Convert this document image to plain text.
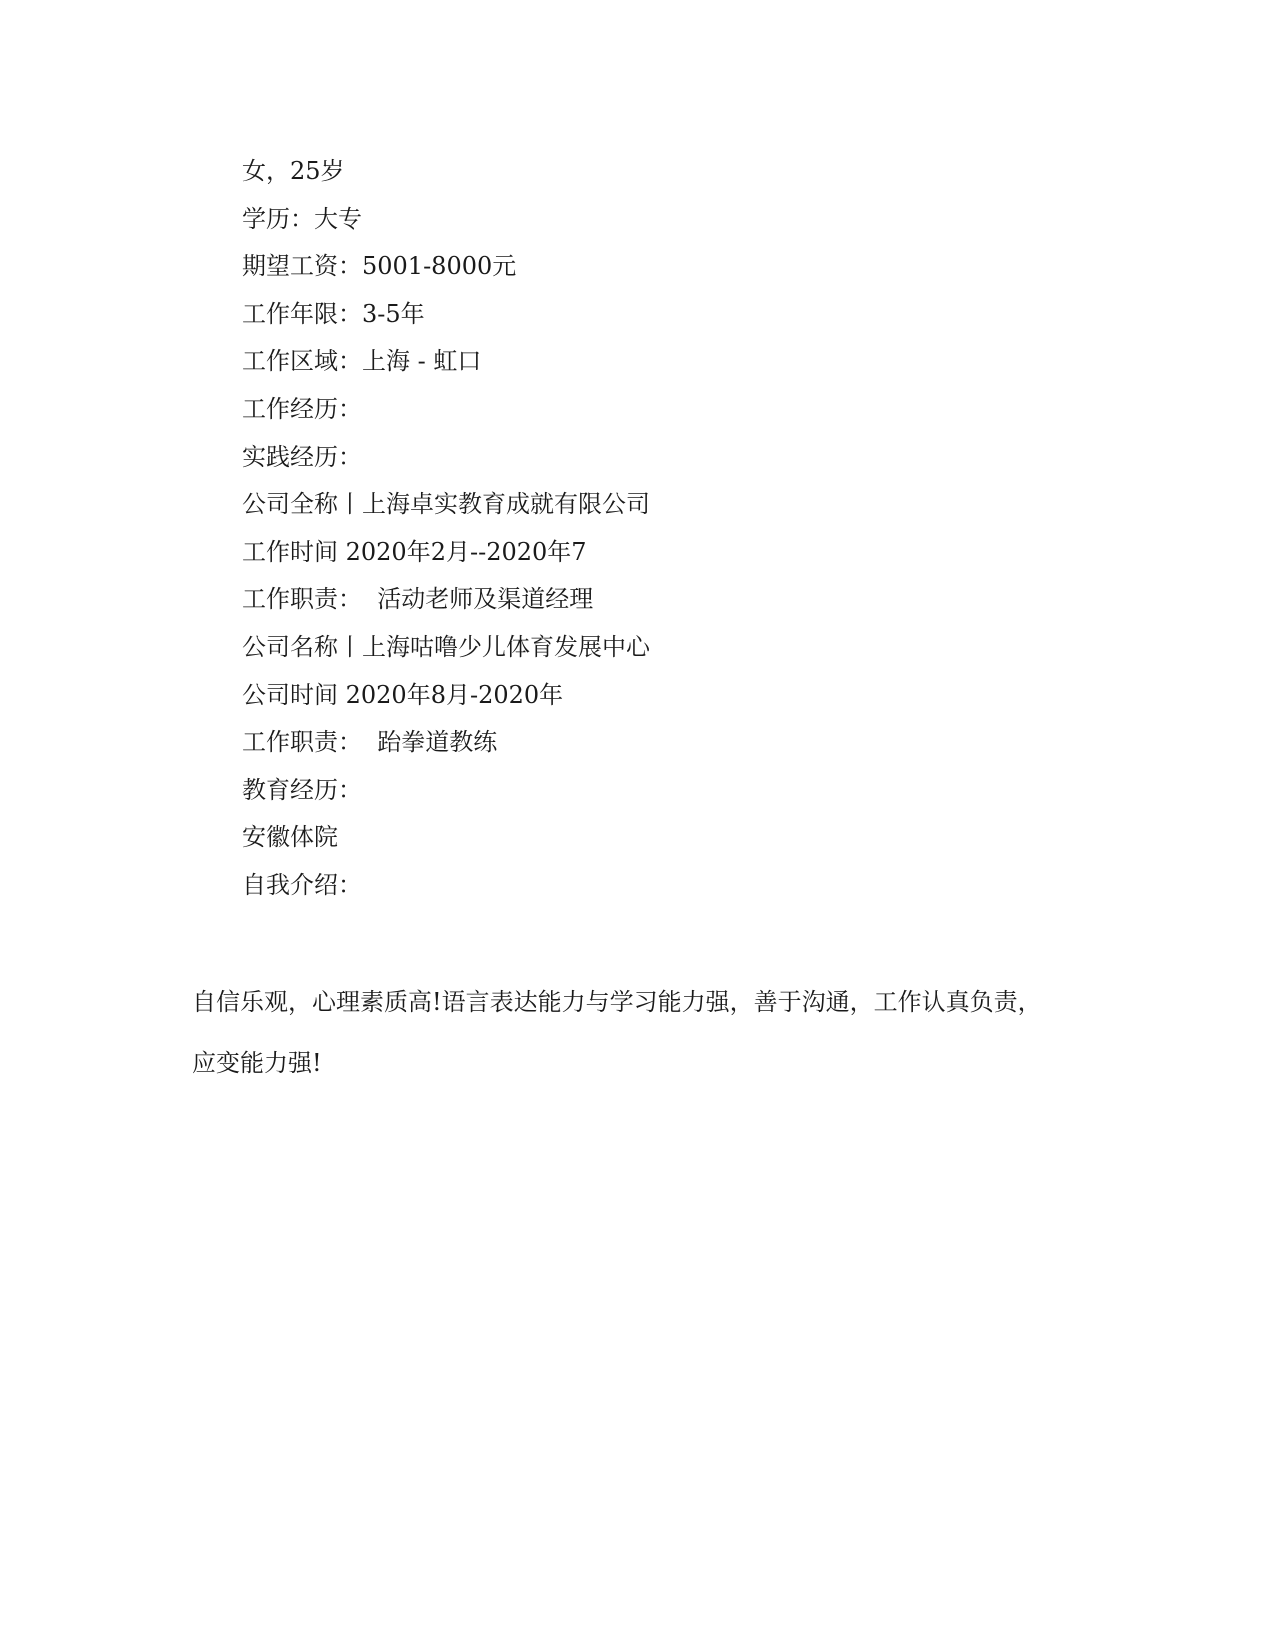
女，25岁
学历：大专
期望工资：5001-8000元
工作年限：3-5年
工作区域：上海 - 虹口
工作经历：
实践经历：
公司全称丨上海卓实教育成就有限公司
工作时间 2020年2月--2020年7
工作职责：  活动老师及渠道经理
公司名称丨上海咕噜少儿体育发展中心
公司时间 2020年8月-2020年
工作职责：  跆拳道教练
教育经历：
安徽体院
自我介绍：
自信乐观，心理素质高!语言表达能力与学习能力强，善于沟通，工作认真负责，
应变能力强!
